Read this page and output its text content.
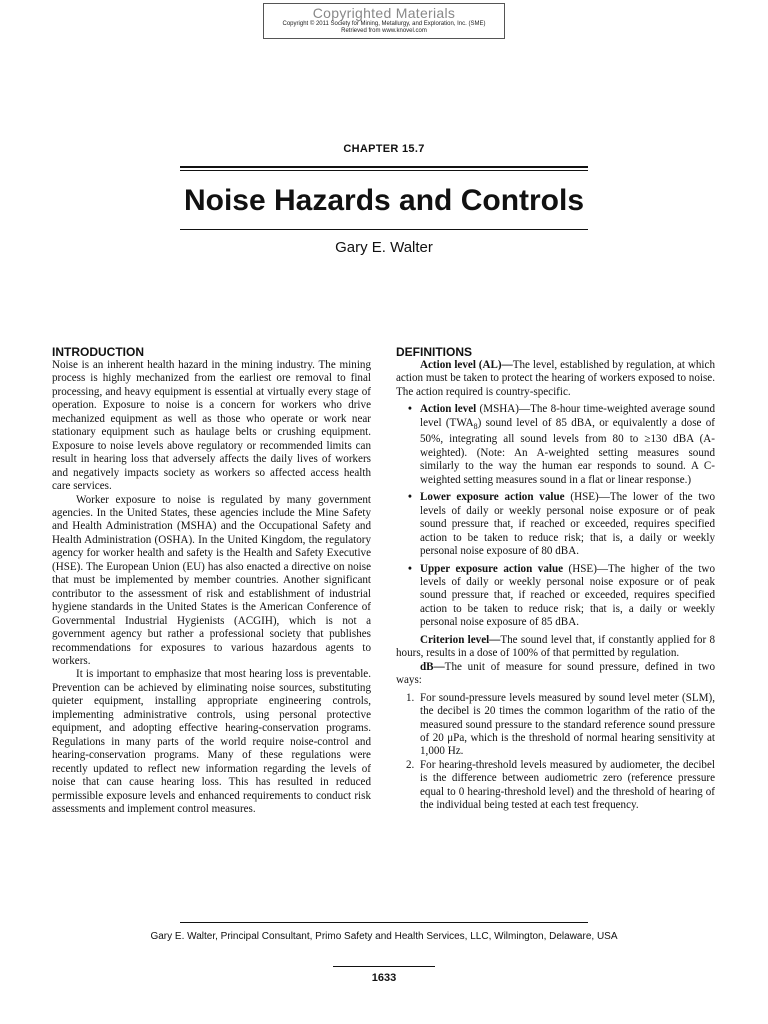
Copyrighted Materials
Copyright © 2011 Society for Mining, Metallurgy, and Exploration, Inc. (SME)
Retrieved from www.knovel.com
CHAPTER 15.7
Noise Hazards and Controls
Gary E. Walter
INTRODUCTION

Noise is an inherent health hazard in the mining industry. The mining process is highly mechanized from the earliest ore removal to final processing, and heavy equipment is essential at virtually every stage of operation. Exposure to noise is a concern for workers who drive mechanized equipment as well as those who operate or work near stationary equipment such as haulage belts or crushing equipment. Exposure to noise levels above regulatory or recommended limits can result in hearing loss that adversely affects the daily lives of workers and negatively impacts society as workers so affected access health care services.

Worker exposure to noise is regulated by many government agencies. In the United States, these agencies include the Mine Safety and Health Administration (MSHA) and the Occupational Safety and Health Administration (OSHA). In the United Kingdom, the regulatory agency for worker health and safety is the Health and Safety Executive (HSE). The European Union (EU) has also enacted a directive on noise that must be implemented by member countries. Another significant contributor to the assessment of risk and establishment of industrial hygiene standards in the United States is the American Conference of Governmental Industrial Hygienists (ACGIH), which is not a government agency but rather a professional society that publishes recommendations for exposures to various hazardous agents to workers.

It is important to emphasize that most hearing loss is preventable. Prevention can be achieved by eliminating noise sources, substituting quieter equipment, installing appropriate engineering controls, implementing administrative controls, using personal protective equipment, and adopting effective hearing-conservation programs. Regulations in many parts of the world require noise-control and hearing-conservation programs. Many of these regulations were recently updated to reflect new information regarding the levels of noise that can cause hearing loss. This has resulted in reduced permissible exposure levels and enhanced requirements to conduct risk assessments and implement control measures.

DEFINITIONS

Action level (AL)—The level, established by regulation, at which action must be taken to protect the hearing of workers exposed to noise. The action required is country-specific.

• Action level (MSHA)—The 8-hour time-weighted average sound level $(TWA_8)$ sound level of 85 dBA, or equivalently a dose of 50%, integrating all sound levels from 80 to ≥130 dBA (A-weighted). (Note: An A-weighted setting measures sound similarly to the way the human ear responds to sound. A C-weighted setting measures sound in a flat or linear response.)
• Lower exposure action value (HSE)—The lower of the two levels of daily or weekly personal noise exposure or of peak sound pressure that, if reached or exceeded, requires specified action to be taken to reduce risk; that is, a daily or weekly personal noise exposure of 80 dBA.
• Upper exposure action value (HSE)—The higher of the two levels of daily or weekly personal noise exposure or of peak sound pressure that, if reached or exceeded, requires specified action to be taken to reduce risk; that is, a daily or weekly personal noise exposure of 85 dBA.

Criterion level—The sound level that, if constantly applied for 8 hours, results in a dose of 100% of that permitted by regulation.

dB—The unit of measure for sound pressure, defined in two ways:

1. For sound-pressure levels measured by sound level meter (SLM), the decibel is 20 times the common logarithm of the ratio of the measured sound pressure to the standard reference sound pressure of 20 μPa, which is the threshold of normal hearing sensitivity at 1,000 Hz.
2. For hearing-threshold levels measured by audiometer, the decibel is the difference between audiometric zero (reference pressure equal to 0 hearing-threshold level) and the threshold of hearing of the individual being tested at each test frequency.
Gary E. Walter, Principal Consultant, Primo Safety and Health Services, LLC, Wilmington, Delaware, USA
1633
